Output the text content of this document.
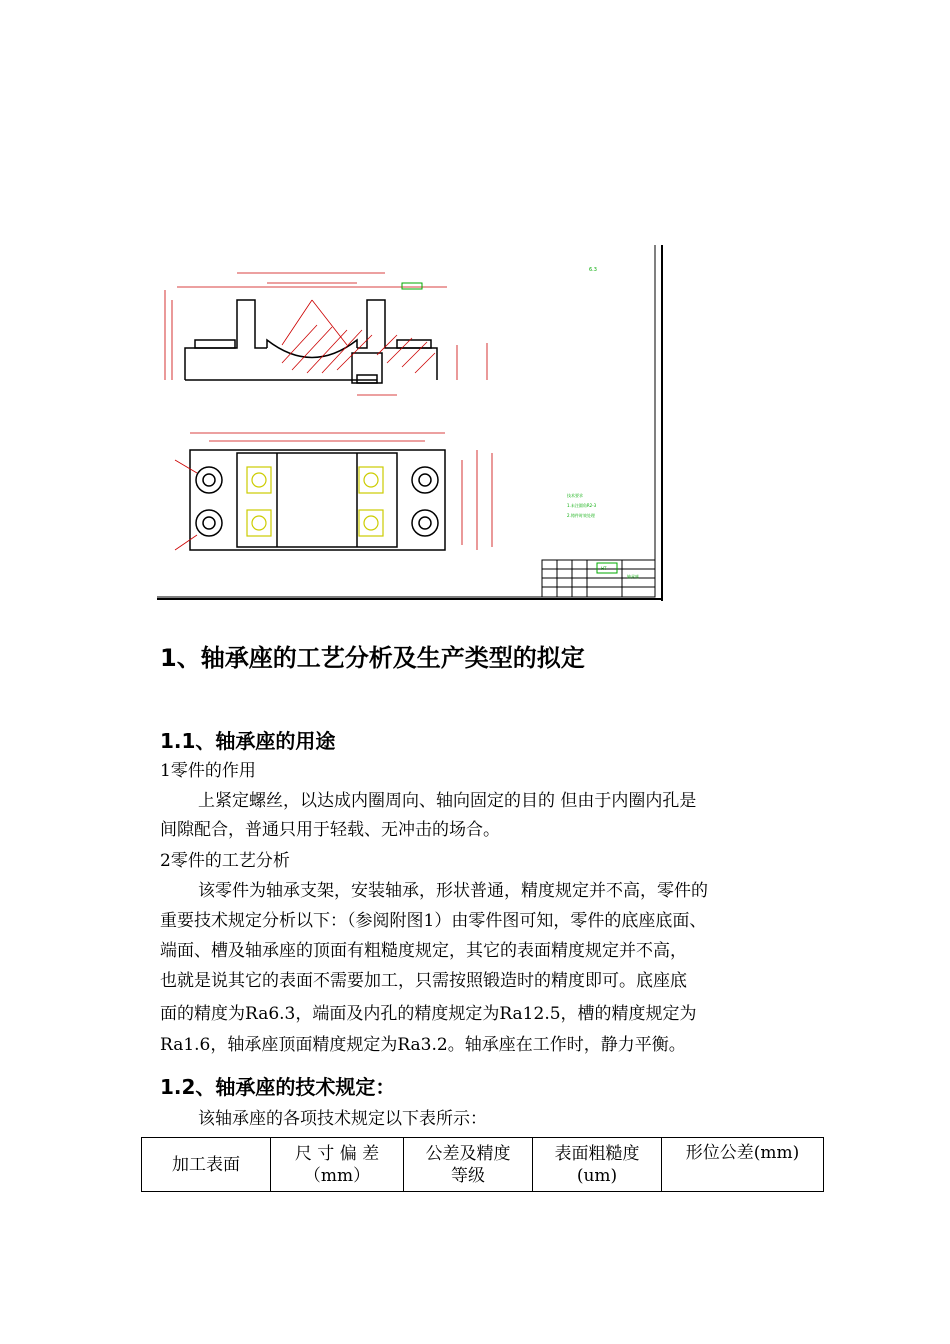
6.3
技术要求
1.未注圆角R2-3
2.铸件时效处理
HT
轴承座
1、轴承座的工艺分析及生产类型的拟定
1.1、轴承座的用途
1零件的作用
上紧定螺丝，以达成内圈周向、轴向固定的目的 但由于内圈内孔是
间隙配合，普通只用于轻载、无冲击的场合。
2零件的工艺分析
该零件为轴承支架，安装轴承，形状普通，精度规定并不高，零件的
重要技术规定分析以下：（参阅附图1）由零件图可知，零件的底座底面、
端面、槽及轴承座的顶面有粗糙度规定，其它的表面精度规定并不高，
也就是说其它的表面不需要加工，只需按照锻造时的精度即可。底座底
面的精度为Ra6.3，端面及内孔的精度规定为Ra12.5，槽的精度规定为
Ra1.6，轴承座顶面精度规定为Ra3.2。轴承座在工作时，静力平衡。
1.2、轴承座的技术规定：
该轴承座的各项技术规定以下表所示：
加工表面

尺 寸 偏 差
（mm）

公差及精度
等级

表面粗糙度
(um)

形位公差(mm)
